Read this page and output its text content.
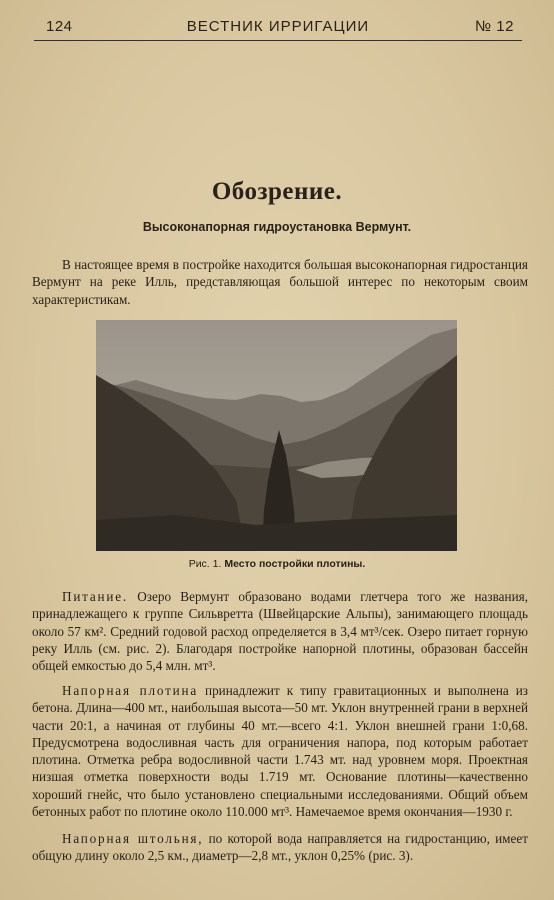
124	ВЕСТНИК ИРРИГАЦИИ	№ 12
Обозрение.
Высоконапорная гидроустановка Вермунт.

В настоящее время в постройке находится большая высоконапорная гидростанция Вермунт на реке Илль, представляющая большой интерес по некоторым своим характеристикам.

Рис. 1. Место постройки плотины.

Питание. Озеро Вермунт образовано водами глетчера того же названия, принадлежащего к группе Сильвретта (Швейцарские Альпы), занимающего площадь около 57 км². Средний годовой расход определяется в 3,4 мт³/сек. Озеро питает горную реку Илль (см. рис. 2). Благодаря постройке напорной плотины, образован бассейн общей емкостью до 5,4 млн. мт³.

Напорная плотина принадлежит к типу гравитационных и выполнена из бетона. Длина—400 мт., наибольшая высота—50 мт. Уклон внутренней грани в верхней части 20:1, а начиная от глубины 40 мт.—всего 4:1. Уклон внешней грани 1:0,68. Предусмотрена водосливная часть для ограничения напора, под которым работает плотина. Отметка ребра водосливной части 1.743 мт. над уровнем моря. Проектная низшая отметка поверхности воды 1.719 мт. Основание плотины—качественно хороший гнейс, что было установлено специальными исследованиями. Общий объем бетонных работ по плотине около 110.000 мт³. Намечаемое время окончания—1930 г.

Напорная штольня, по которой вода направляется на гидростанцию, имеет общую длину около 2,5 км., диаметр—2,8 мт., уклон 0,25% (рис. 3).
